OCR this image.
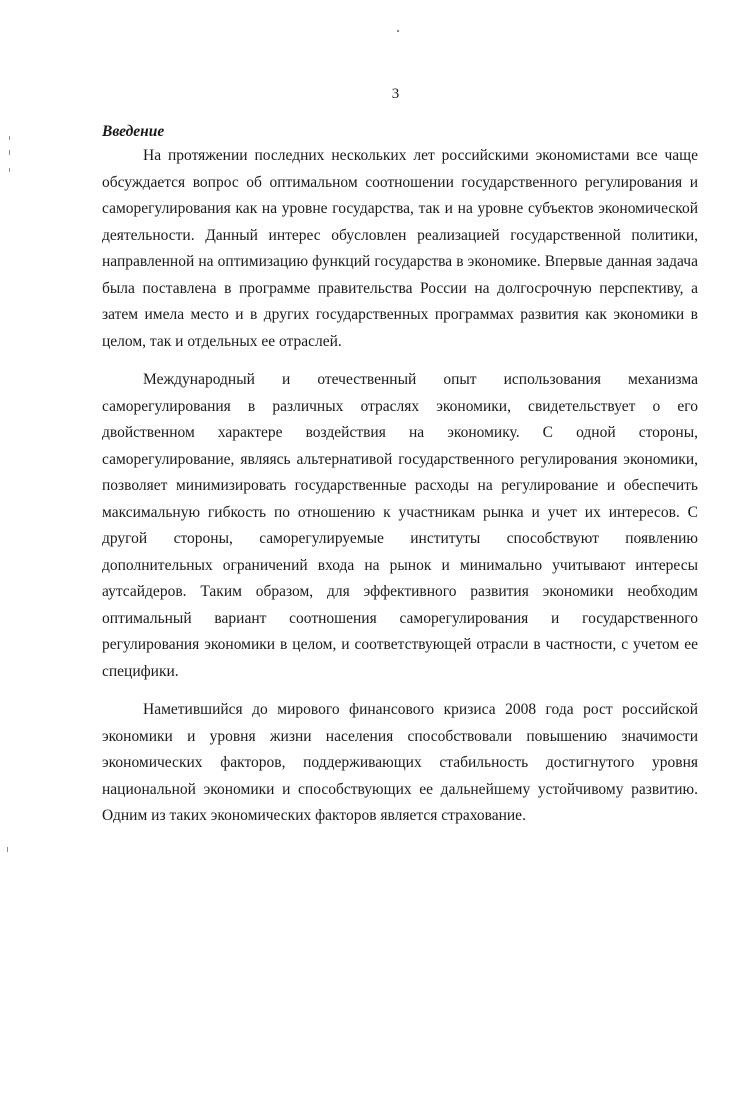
3

Введение

На протяжении последних нескольких лет российскими экономистами все чаще обсуждается вопрос об оптимальном соотношении государственного регулирования и саморегулирования как на уровне государства, так и на уровне субъектов экономической деятельности. Данный интерес обусловлен реализацией государственной политики, направленной на оптимизацию функций государства в экономике. Впервые данная задача была поставлена в программе правительства России на долгосрочную перспективу, а затем имела место и в других государственных программах развития как экономики в целом, так и отдельных ее отраслей.

Международный и отечественный опыт использования механизма саморегулирования в различных отраслях экономики, свидетельствует о его двойственном характере воздействия на экономику. С одной стороны, саморегулирование, являясь альтернативой государственного регулирования экономики, позволяет минимизировать государственные расходы на регулирование и обеспечить максимальную гибкость по отношению к участникам рынка и учет их интересов. С другой стороны, саморегулируемые институты способствуют появлению дополнительных ограничений входа на рынок и минимально учитывают интересы аутсайдеров. Таким образом, для эффективного развития экономики необходим оптимальный вариант соотношения саморегулирования и государственного регулирования экономики в целом, и соответствующей отрасли в частности, с учетом ее специфики.

Наметившийся до мирового финансового кризиса 2008 года рост российской экономики и уровня жизни населения способствовали повышению значимости экономических факторов, поддерживающих стабильность достигнутого уровня национальной экономики и способствующих ее дальнейшему устойчивому развитию. Одним из таких экономических факторов является страхование.
